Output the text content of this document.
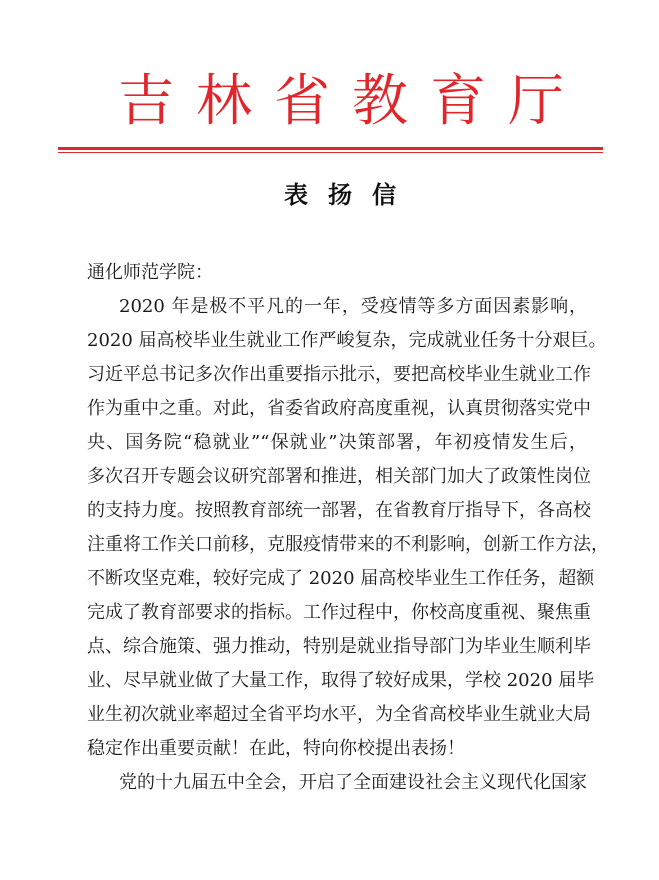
吉林省教育厅
表扬信
通化师范学院：
2020 年是极不平凡的一年，受疫情等多方面因素影响，
2020 届高校毕业生就业工作严峻复杂，完成就业任务十分艰巨。
习近平总书记多次作出重要指示批示，要把高校毕业生就业工作
作为重中之重。对此，省委省政府高度重视，认真贯彻落实党中
央、国务院“稳就业”“保就业”决策部署，年初疫情发生后，
多次召开专题会议研究部署和推进，相关部门加大了政策性岗位
的支持力度。按照教育部统一部署，在省教育厅指导下，各高校
注重将工作关口前移，克服疫情带来的不利影响，创新工作方法，
不断攻坚克难，较好完成了 2020 届高校毕业生工作任务，超额
完成了教育部要求的指标。工作过程中，你校高度重视、聚焦重
点、综合施策、强力推动，特别是就业指导部门为毕业生顺利毕
业、尽早就业做了大量工作，取得了较好成果，学校 2020 届毕
业生初次就业率超过全省平均水平，为全省高校毕业生就业大局
稳定作出重要贡献！在此，特向你校提出表扬！
党的十九届五中全会，开启了全面建设社会主义现代化国家
